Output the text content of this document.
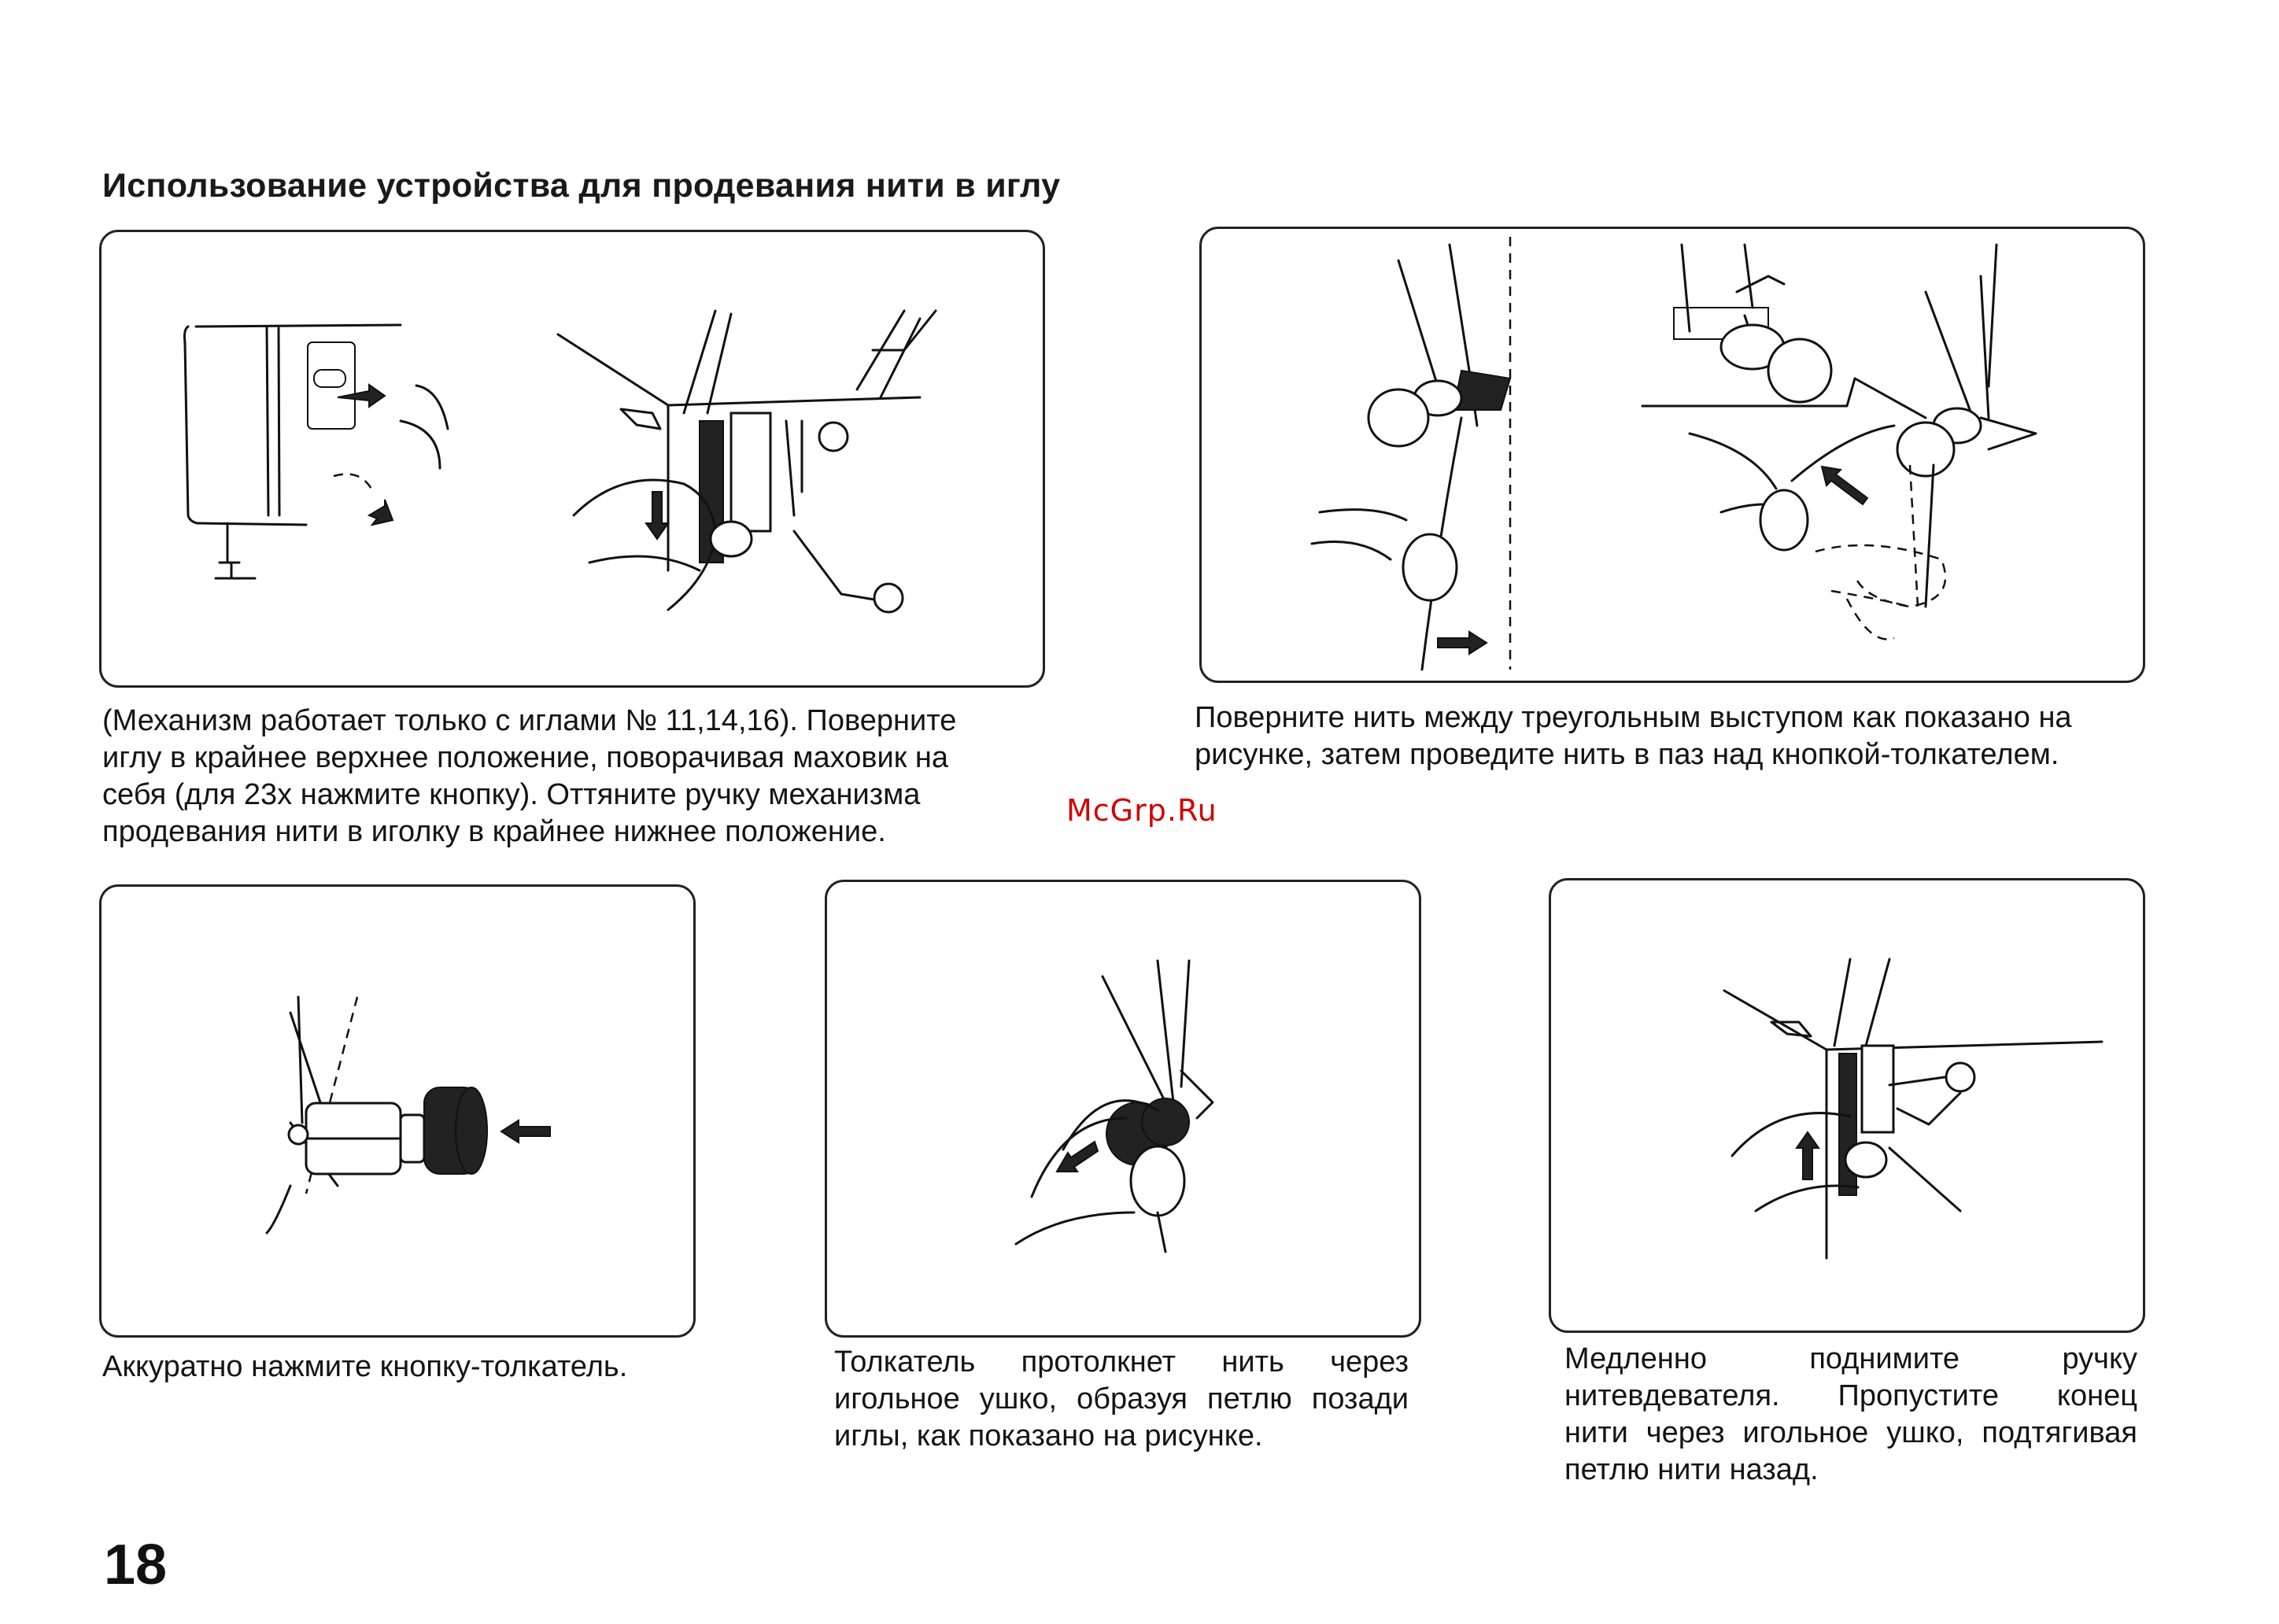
Использование устройства для продевания нити в иглу
(Механизм работает только с иглами № 11,14,16). Поверните
иглу в крайнее верхнее положение, поворачивая маховик на
себя (для 23х нажмите кнопку). Оттяните ручку механизма
продевания нити в иголку в крайнее нижнее положение.
Поверните нить между треугольным выступом как показано на
рисунке, затем проведите нить в паз над кнопкой-толкателем.
McGrp.Ru
Аккуратно нажмите кнопку-толкатель.	Толкатель протолкнет нить через
игольное ушко, образуя петлю позади
иглы, как показано на рисунке.
Медленно поднимите ручку
нитевдевателя. Пропустите конец
нити через игольное ушко, подтягивая
петлю нити назад.
18
